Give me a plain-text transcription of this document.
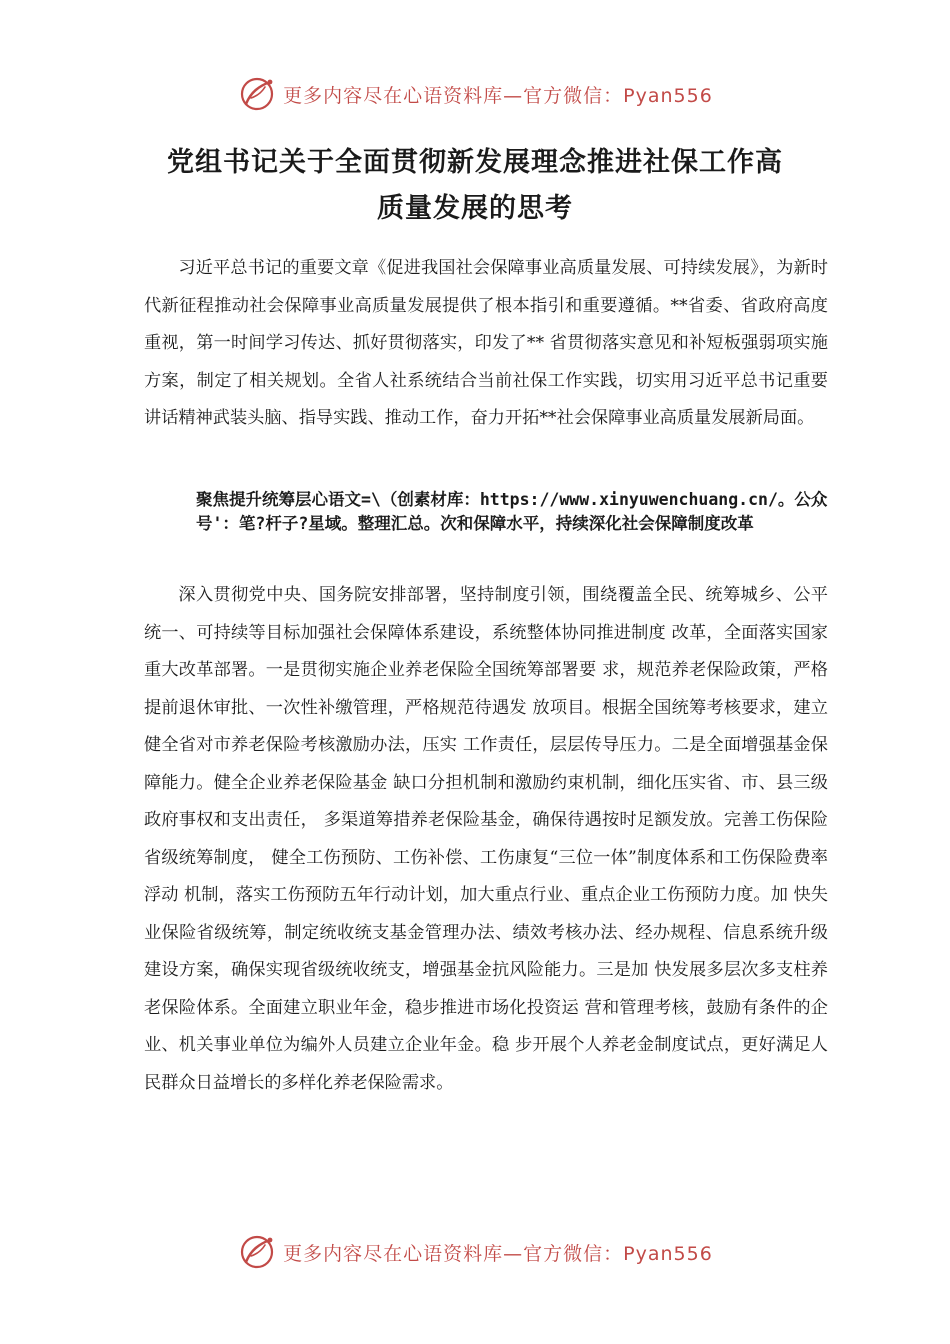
更多内容尽在心语资料库—官方微信：Pyan556
党组书记关于全面贯彻新发展理念推进社保工作高
质量发展的思考

习近平总书记的重要文章《促进我国社会保障事业高质量发展、可持续发展》，为新时代新征程推动社会保障事业高质量发展提供了根本指引和重要遵循。**省委、省政府高度重视，第一时间学习传达、抓好贯彻落实，印发了** 省贯彻落实意见和补短板强弱项实施方案，制定了相关规划。全省人社系统结合当前社保工作实践，切实用习近平总书记重要讲话精神武装头脑、指导实践、推动工作，奋力开拓**社会保障事业高质量发展新局面。

聚焦提升统筹层心语文=\（创素材库：https://www.xinyuwenchuang.cn/。公众号'：笔?杆子?星域。整理汇总。次和保障水平，持续深化社会保障制度改革

深入贯彻党中央、国务院安排部署，坚持制度引领，围绕覆盖全民、统筹城乡、公平统一、可持续等目标加强社会保障体系建设，系统整体协同推进制度 改革，全面落实国家重大改革部署。一是贯彻实施企业养老保险全国统筹部署要 求，规范养老保险政策，严格提前退休审批、一次性补缴管理，严格规范待遇发 放项目。根据全国统筹考核要求，建立健全省对市养老保险考核激励办法，压实 工作责任，层层传导压力。二是全面增强基金保障能力。健全企业养老保险基金 缺口分担机制和激励约束机制，细化压实省、市、县三级政府事权和支出责任， 多渠道筹措养老保险基金，确保待遇按时足额发放。完善工伤保险省级统筹制度， 健全工伤预防、工伤补偿、工伤康复“三位一体”制度体系和工伤保险费率浮动 机制，落实工伤预防五年行动计划，加大重点行业、重点企业工伤预防力度。加 快失业保险省级统筹，制定统收统支基金管理办法、绩效考核办法、经办规程、信息系统升级建设方案，确保实现省级统收统支，增强基金抗风险能力。三是加 快发展多层次多支柱养老保险体系。全面建立职业年金，稳步推进市场化投资运 营和管理考核，鼓励有条件的企业、机关事业单位为编外人员建立企业年金。稳 步开展个人养老金制度试点，更好满足人民群众日益增长的多样化养老保险需求。

更多内容尽在心语资料库—官方微信：Pyan556
